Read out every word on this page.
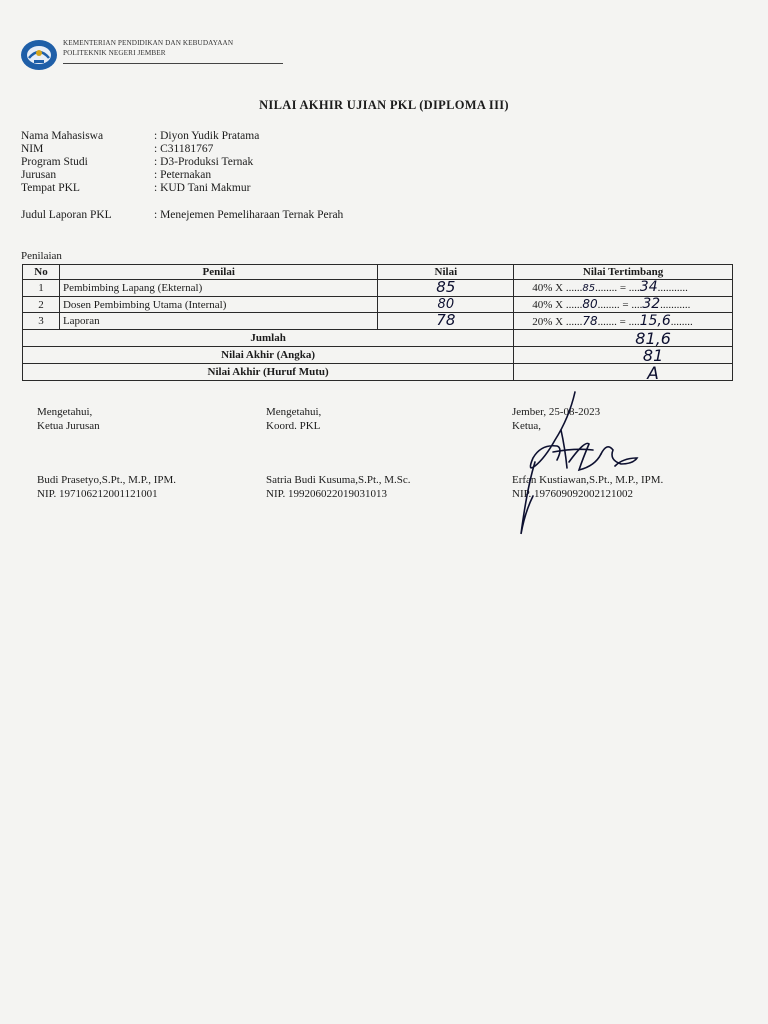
KEMENTERIAN PENDIDIKAN DAN KEBUDAYAAN
POLITEKNIK NEGERI JEMBER
NILAI AKHIR UJIAN PKL (DIPLOMA III)
Nama Mahasiswa	: Diyon Yudik Pratama
NIM	: C31181767
Program Studi	: D3-Produksi Ternak
Jurusan	: Peternakan
Tempat PKL	: KUD Tani Makmur
Judul Laporan PKL	: Menejemen Pemeliharaan Ternak Perah
Penilaian
No	Penilai	Nilai	Nilai Tertimbang
1	Pembimbing Lapang (Ekternal)	85	40% X ......85........ = ....34...........
2	Dosen Pembimbing Utama (Internal)	80	40% X ......80........ = ....32...........
3	Laporan	78	20% X ......78....... = ....15,6........
Jumlah			81,6
Nilai Akhir (Angka)			81
Nilai Akhir (Huruf Mutu)			A
Mengetahui,
Ketua Jurusan
Budi Prasetyo,S.Pt., M.P., IPM.
NIP. 197106212001121001
Mengetahui,
Koord. PKL
Satria Budi Kusuma,S.Pt., M.Sc.
NIP. 199206022019031013
Jember, 25-08-2023
Ketua,
Erfan Kustiawan,S.Pt., M.P., IPM.
NIP. 197609092002121002
